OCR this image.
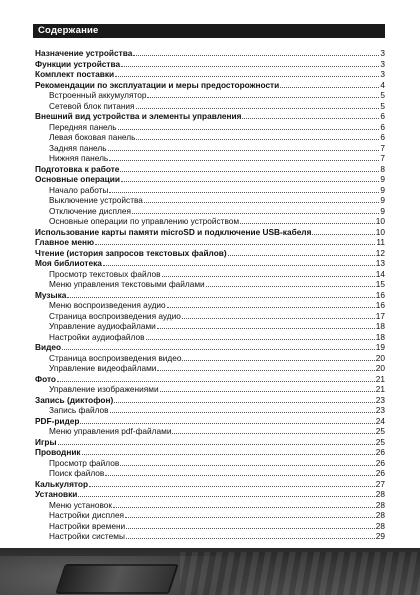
Содержание
Назначение устройства	3
Функции устройства	3
Комплект поставки	3
Рекомендации по эксплуатации и меры предосторожности	4
Встроенный аккумулятор	5
Сетевой блок питания	5
Внешний вид устройства и элементы управления	6
Передняя панель	6
Левая боковая панель	6
Задняя панель	7
Нижняя панель	7
Подготовка к работе	8
Основные операции	9
Начало работы	9
Выключение устройства	9
Отключение дисплея	9
Основные операции по управлению устройством	10
Использование карты памяти microSD и подключение USB-кабеля	10
Главное меню	11
Чтение (история запросов текстовых файлов)	12
Моя библиотека	13
Просмотр текстовых файлов	14
Меню управления текстовыми файлами	15
Музыка	16
Меню воспроизведения аудио	16
Страница воспроизведения аудио	17
Управление аудиофайлами	18
Настройки аудиофайлов	18
Видео	19
Страница воспроизведения видео	20
Управление видеофайлами	20
Фото	21
Управление изображениями	21
Запись (диктофон)	23
Запись файлов	23
PDF-ридер	24
Меню управления pdf-файлами	25
Игры	25
Проводник	26
Просмотр файлов	26
Поиск файлов	26
Калькулятор	27
Установки	28
Меню установок	28
Настройки дисплея	28
Настройки времени	28
Настройки системы	29
